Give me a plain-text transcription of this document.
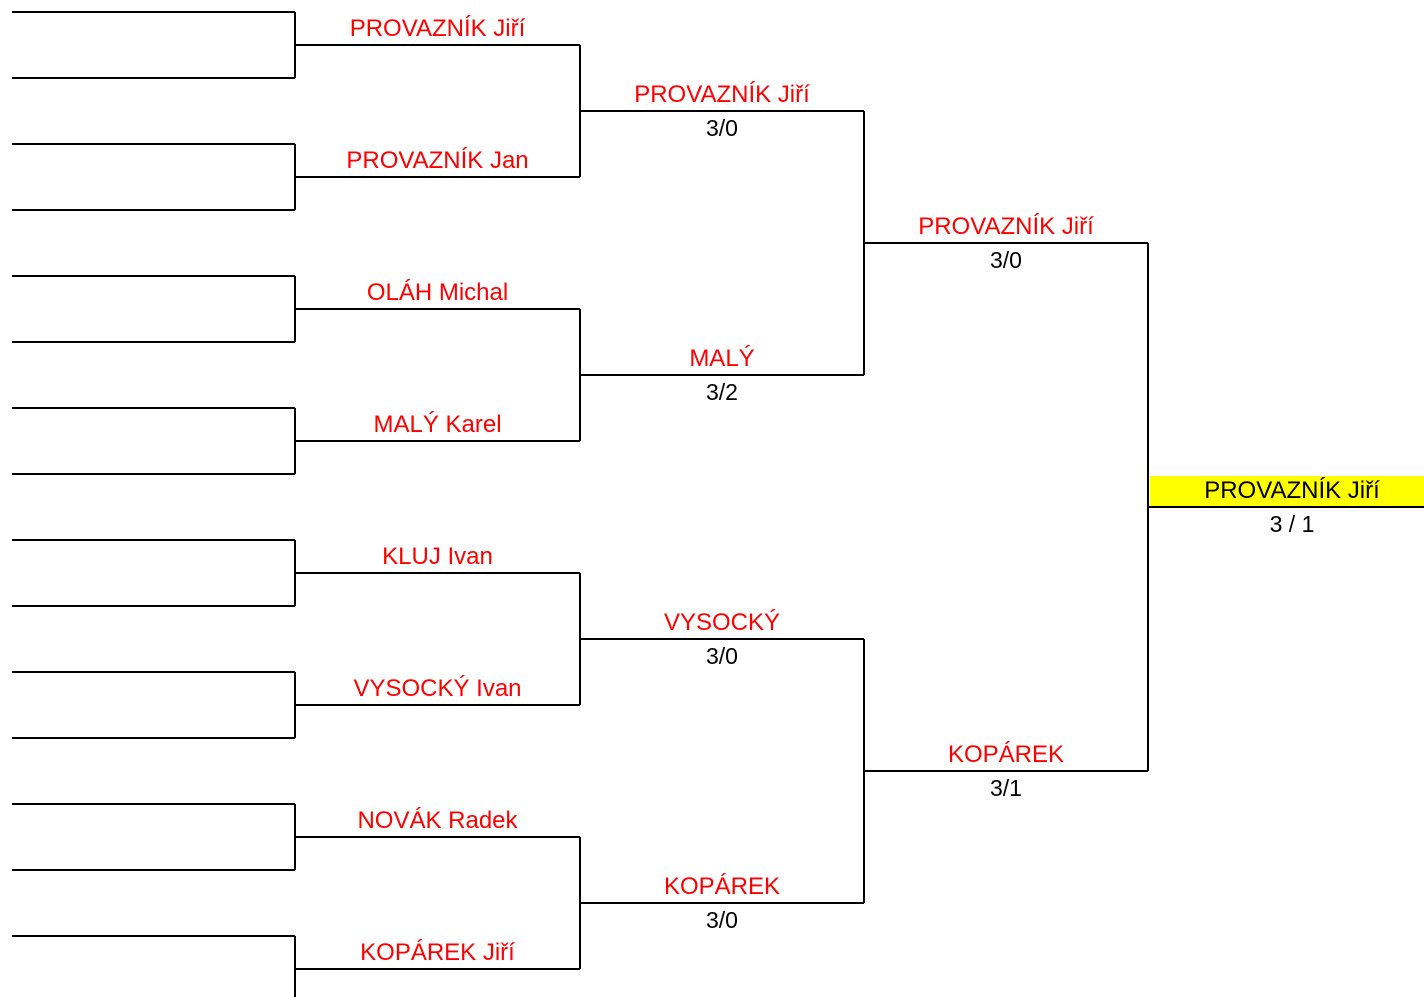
PROVAZNÍK Jiří
PROVAZNÍK Jan
OLÁH Michal
MALÝ Karel
KLUJ Ivan
VYSOCKÝ Ivan
NOVÁK Radek
KOPÁREK Jiří
PROVAZNÍK Jiří
3/0
MALÝ
3/2
VYSOCKÝ
3/0
KOPÁREK
3/0
PROVAZNÍK Jiří
3/0
KOPÁREK
3/1
PROVAZNÍK Jiří
3 / 1
